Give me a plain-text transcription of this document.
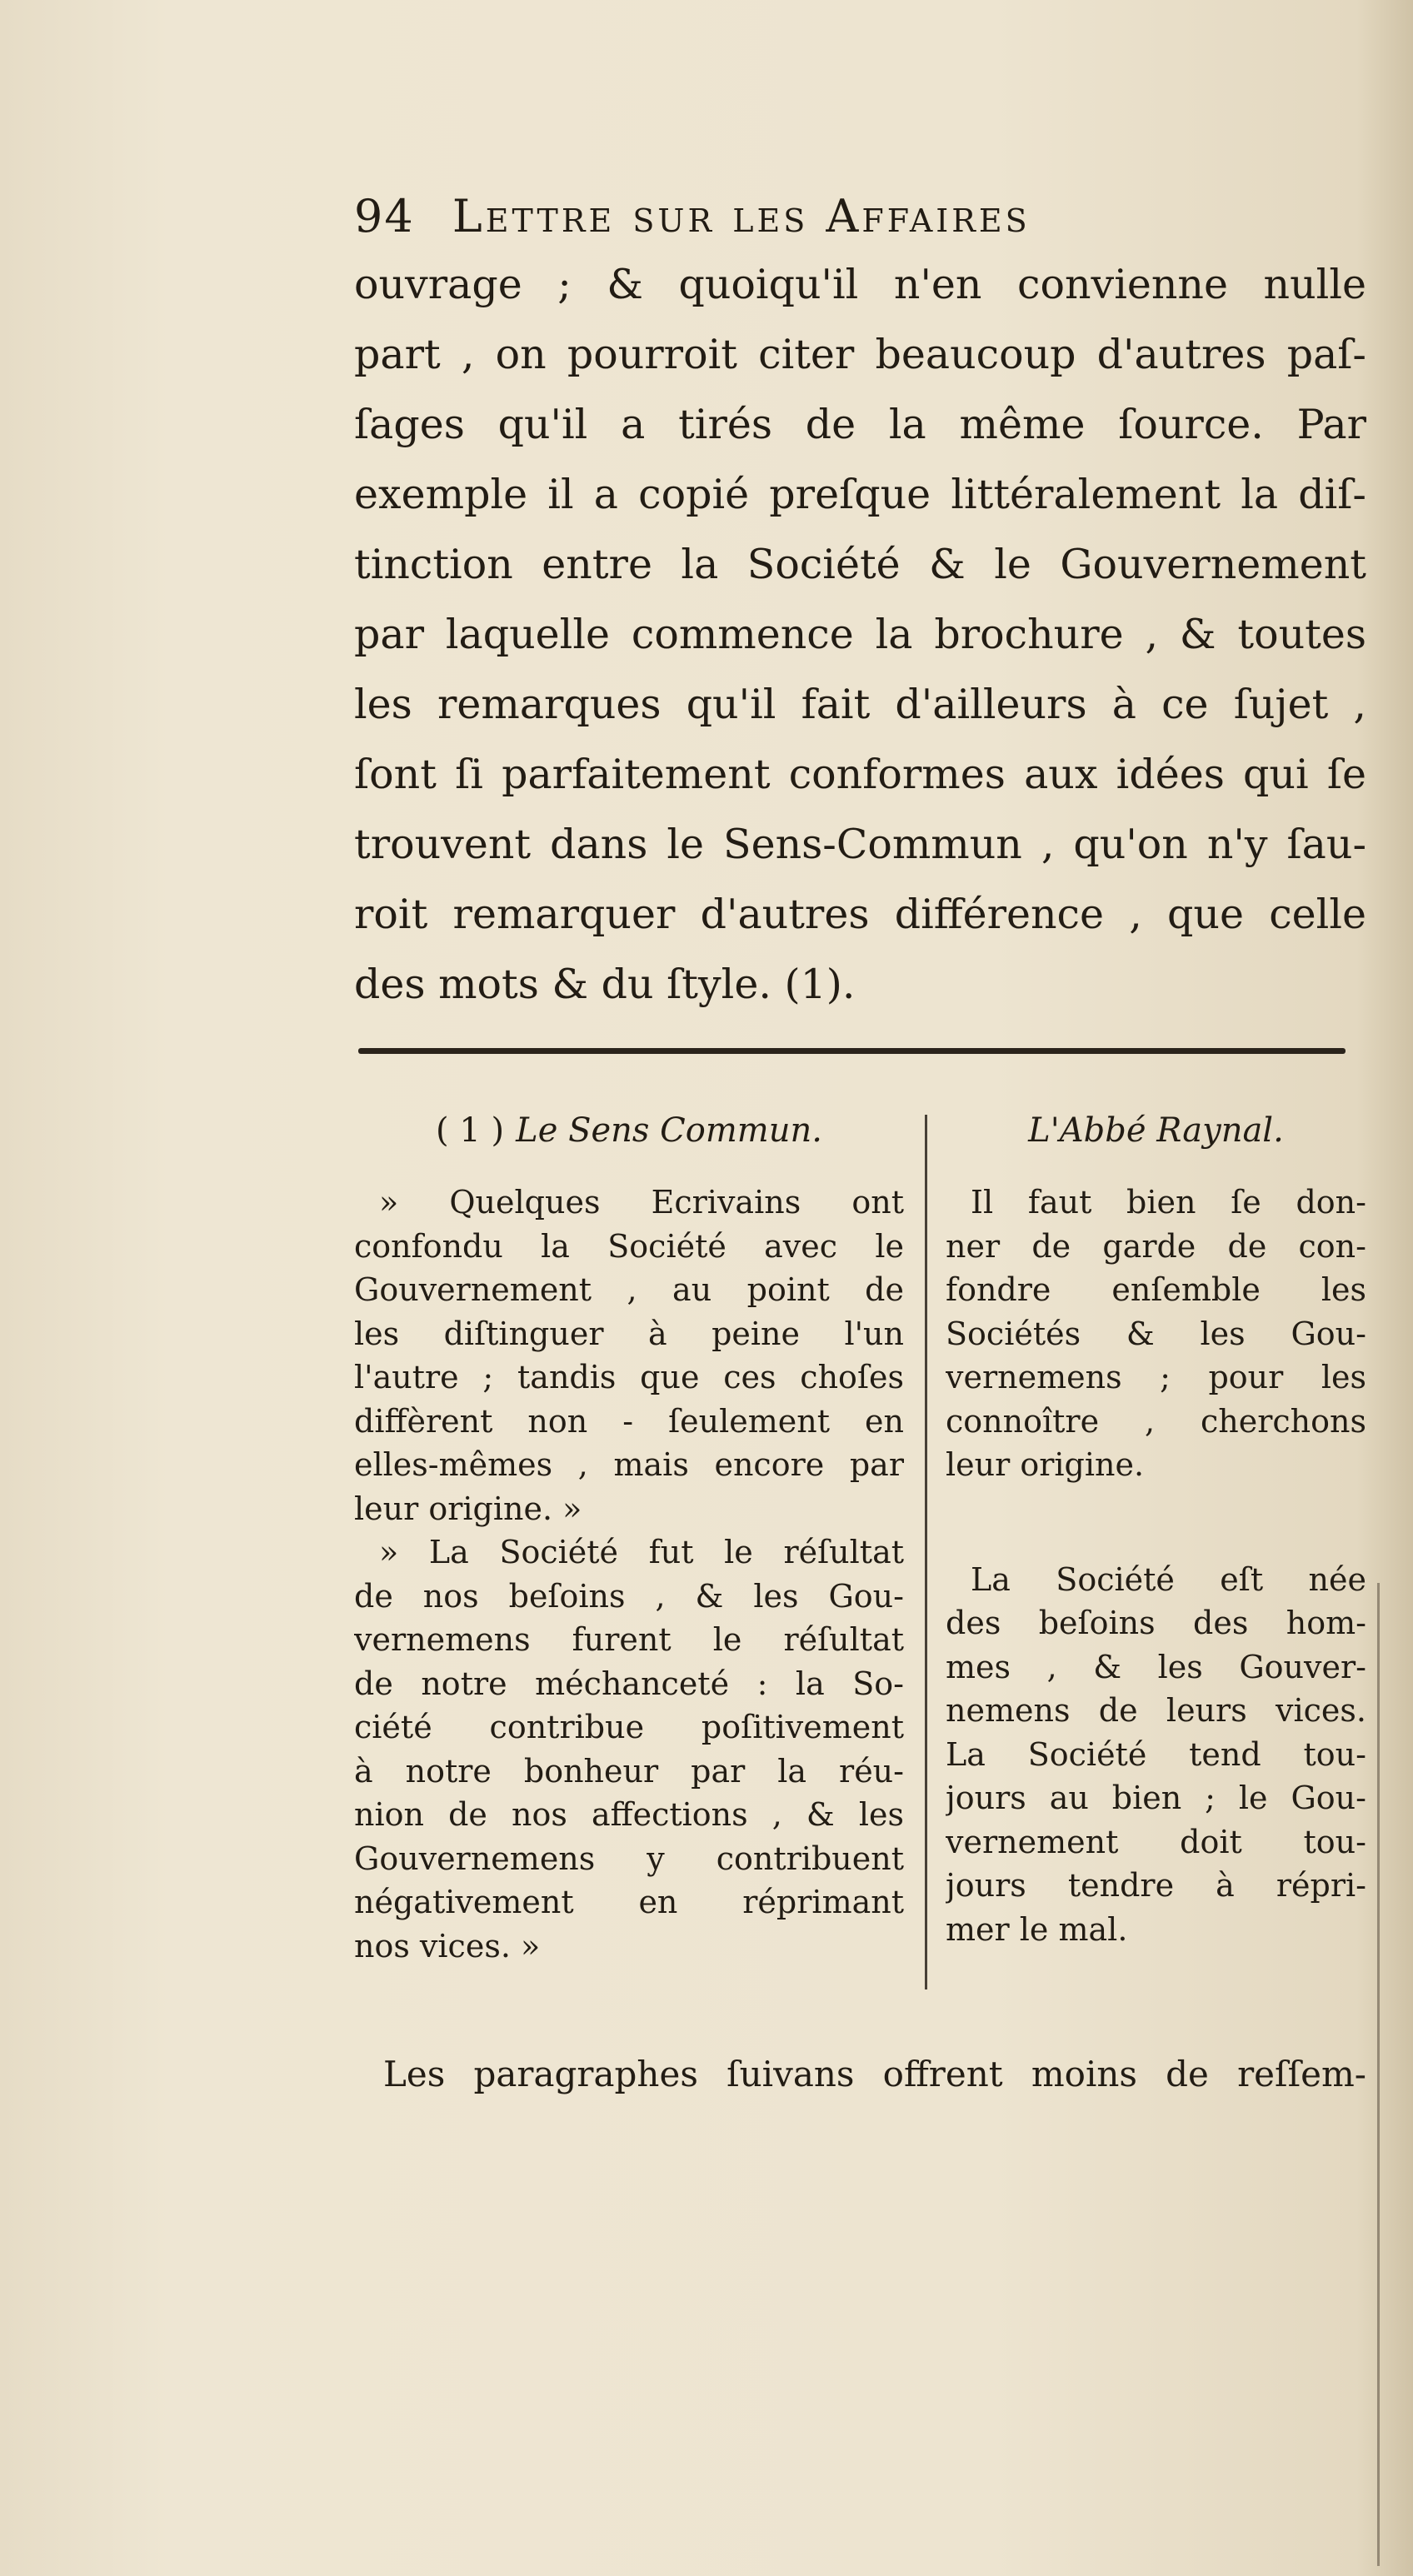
94 Lettre sur les Affaires
ouvrage ; & quoiqu'il n'en convienne nulle
part , on pourroit citer beaucoup d'autres paſ-
ſages qu'il a tirés de la même ſource. Par
exemple il a copié preſque littéralement la diſ-
tinction entre la Société & le Gouvernement
par laquelle commence la brochure , & toutes
les remarques qu'il fait d'ailleurs à ce ſujet ,
ſont ſi parfaitement conformes aux idées qui ſe
trouvent dans le Sens-Commun , qu'on n'y ſau-
roit remarquer d'autres différence , que celle
des mots & du ſtyle. (1).
( 1 ) Le Sens Commun.
» Quelques Ecrivains ont
confondu la Société avec le
Gouvernement , au point de
les diſtinguer à peine l'un
l'autre ; tandis que ces choſes
diffèrent non - ſeulement en
elles-mêmes , mais encore par
leur origine. »
» La Société fut le réſultat
de nos beſoins , & les Gou-
vernemens furent le réſultat
de notre méchanceté : la So-
ciété contribue poſitivement
à notre bonheur par la réu-
nion de nos affections , & les
Gouvernemens y contribuent
négativement en réprimant
nos vices. »
L'Abbé Raynal.
Il faut bien ſe don-
ner de garde de con-
fondre enſemble les
Sociétés & les Gou-
vernemens ; pour les
connoître , cherchons
leur origine.
La Société eſt née
des beſoins des hom-
mes , & les Gouver-
nemens de leurs vices.
La Société tend tou-
jours au bien ; le Gou-
vernement doit tou-
jours tendre à répri-
mer le mal.
Les paragraphes ſuivans offrent moins de reſſem-
